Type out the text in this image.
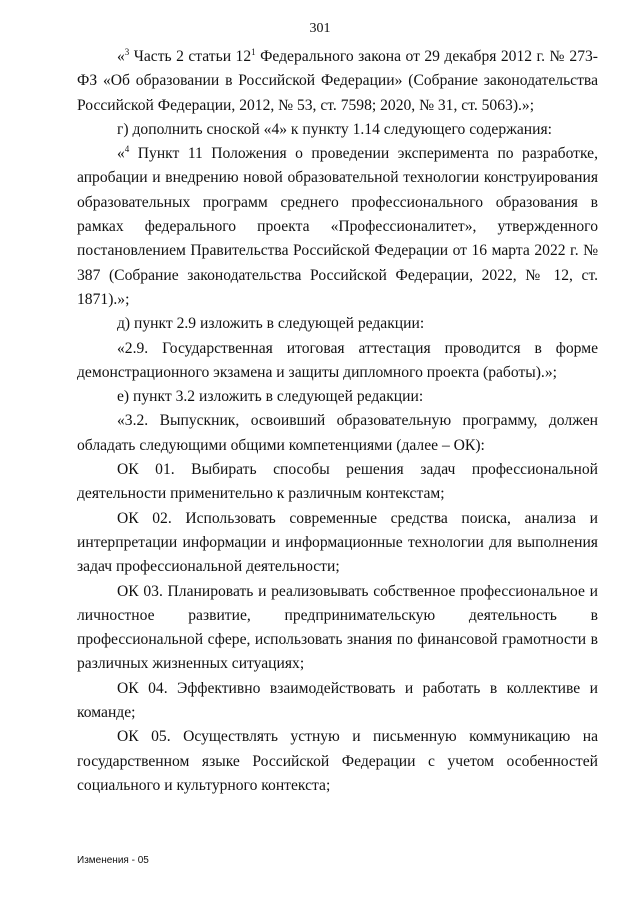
301

«$^3$ Часть 2 статьи $12^1$ Федерального закона от 29 декабря 2012 г. № 273-ФЗ «Об образовании в Российской Федерации» (Собрание законодательства Российской Федерации, 2012, № 53, ст. 7598; 2020, № 31, ст. 5063).»;

г) дополнить сноской «4» к пункту 1.14 следующего содержания:

«$^4$ Пункт 11 Положения о проведении эксперимента по разработке, апробации и внедрению новой образовательной технологии конструирования образовательных программ среднего профессионального образования в рамках федерального проекта «Профессионалитет», утвержденного постановлением Правительства Российской Федерации от 16 марта 2022 г. № 387 (Собрание законодательства Российской Федерации, 2022, № 12, ст. 1871).»;

д) пункт 2.9 изложить в следующей редакции:

«2.9. Государственная итоговая аттестация проводится в форме демонстрационного экзамена и защиты дипломного проекта (работы).»;

е) пункт 3.2 изложить в следующей редакции:

«3.2. Выпускник, освоивший образовательную программу, должен обладать следующими общими компетенциями (далее – ОК):

ОК 01. Выбирать способы решения задач профессиональной деятельности применительно к различным контекстам;

ОК 02. Использовать современные средства поиска, анализа и интерпретации информации и информационные технологии для выполнения задач профессиональной деятельности;

ОК 03. Планировать и реализовывать собственное профессиональное и личностное развитие, предпринимательскую деятельность в профессиональной сфере, использовать знания по финансовой грамотности в различных жизненных ситуациях;

ОК 04. Эффективно взаимодействовать и работать в коллективе и команде;

ОК 05. Осуществлять устную и письменную коммуникацию на государственном языке Российской Федерации с учетом особенностей социального и культурного контекста;

Изменения - 05
